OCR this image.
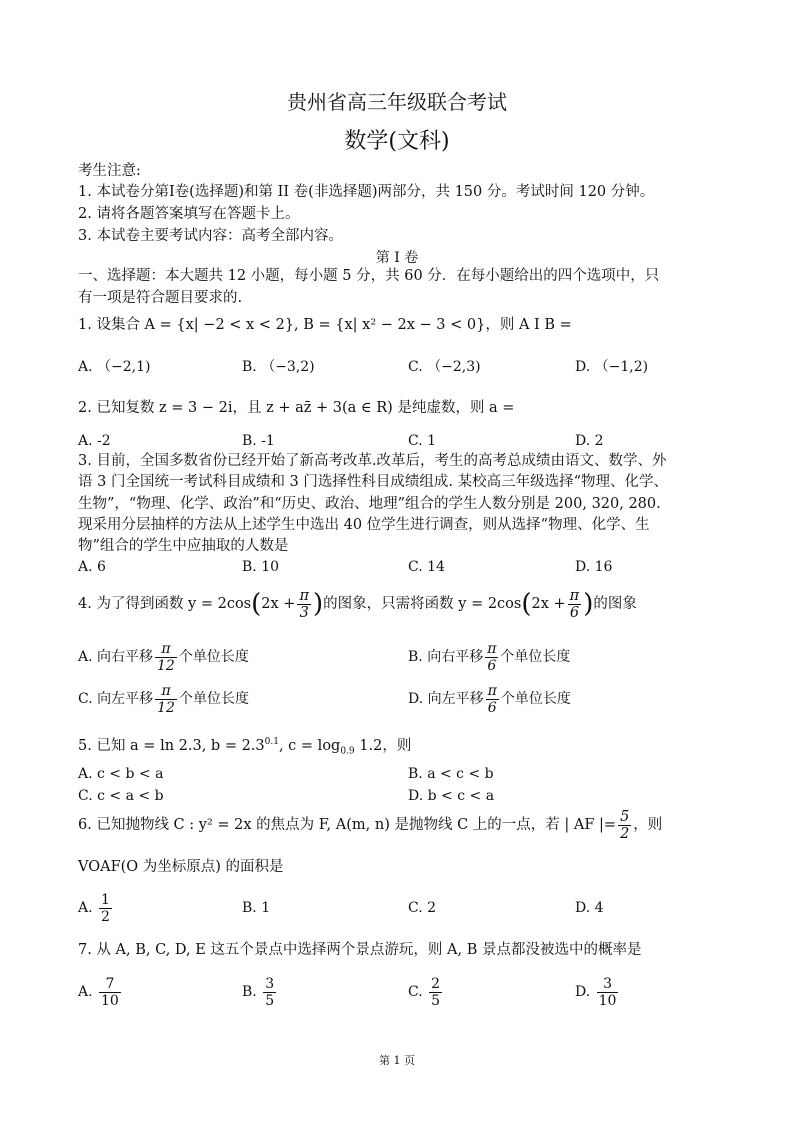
贵州省高三年级联合考试
数学(文科)
考生注意:
1. 本试卷分第Ⅰ卷(选择题)和第 II 卷(非选择题)两部分，共 150 分。考试时间 120 分钟。
2. 请将各题答案填写在答题卡上。
3. 本试卷主要考试内容：高考全部内容。
第 I 卷
一、选择题：本大题共 12 小题，每小题 5 分，共 60 分．在每小题给出的四个选项中，只
有一项是符合题目要求的.
1. 设集合 A = {x| −2 < x < 2}, B = {x| x² − 2x − 3 < 0}，则 A I B =
A. （−2,1)	B. （−3,2)	C. （−2,3)	D. （−1,2)
2. 已知复数 z = 3 − 2i，且 z + az̄ + 3(a ∈ R) 是纯虚数，则 a =
A. -2	B. -1	C. 1	D. 2
3. 目前，全国多数省份已经开始了新高考改革.改革后，考生的高考总成绩由语文、数学、外
语 3 门全国统一考试科目成绩和 3 门选择性科目成绩组成. 某校高三年级选择“物理、化学、
生物”，“物理、化学、政治”和“历史、政治、地理”组合的学生人数分别是 200, 320, 280.
现采用分层抽样的方法从上述学生中选出 40 位学生进行调查，则从选择“物理、化学、生
物”组合的学生中应抽取的人数是
A. 6	B. 10	C. 14	D. 16
4. 为了得到函数 $y = 2\cos(2x + \frac{\pi}{3}$ )的图象，只需将函数 $y = 2\cos(2x + \frac{\pi}{6}$ )的图象
A. 向右平移 $\frac{\pi}{12}$ 个单位长度	B. 向右平移 $\frac{\pi}{6}$ 个单位长度
C. 向左平移 $\frac{\pi}{12}$ 个单位长度	D. 向左平移 $\frac{\pi}{6}$ 个单位长度
5. 已知 a = ln 2.3, $b = 2.3^{0.1}$, $c = \log_{0.9} 1.2$，则
A. c < b < a	B. a < c < b
C. c < a < b	D. b < c < a
6. 已知抛物线 C : y² = 2x 的焦点为 F, A(m, n) 是抛物线 C 上的一点，若 | AF |= $\frac{5}{2}$ ，则
VOAF(O 为坐标原点) 的面积是
A. $\frac{1}{2}$	B. 1	C. 2	D. 4
7. 从 A, B, C, D, E 这五个景点中选择两个景点游玩，则 A, B 景点都没被选中的概率是
A. $\frac{7}{10}$	B. $\frac{3}{5}$	C. $\frac{2}{5}$	D. $\frac{3}{10}$
第 1 页
